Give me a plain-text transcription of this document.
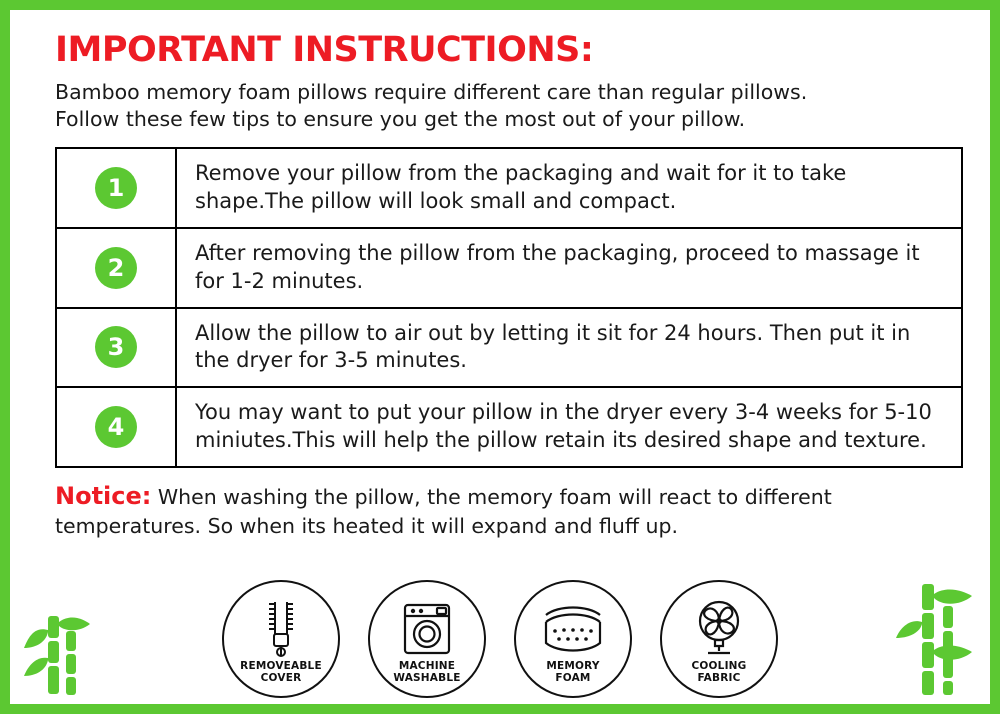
IMPORTANT INSTRUCTIONS:
Bamboo memory foam pillows require different care than regular pillows.
Follow these few tips to ensure you get the most out of your pillow.
1
Remove your pillow from the packaging and wait for it to take shape.The pillow will look small and compact.
2
After removing the pillow from the packaging, proceed to massage it for 1-2 minutes.
3
Allow the pillow to air out by letting it sit for 24 hours. Then put it in the dryer for 3-5 minutes.
4
You may want to put your pillow in the dryer every 3-4 weeks for 5-10 miniutes.This will help the pillow retain its desired shape and texture.
Notice: When washing the pillow, the memory foam will react to different temperatures. So when its heated it will expand and fluff up.
REMOVEABLE
COVER
MACHINE
WASHABLE
MEMORY
FOAM
COOLING
FABRIC
